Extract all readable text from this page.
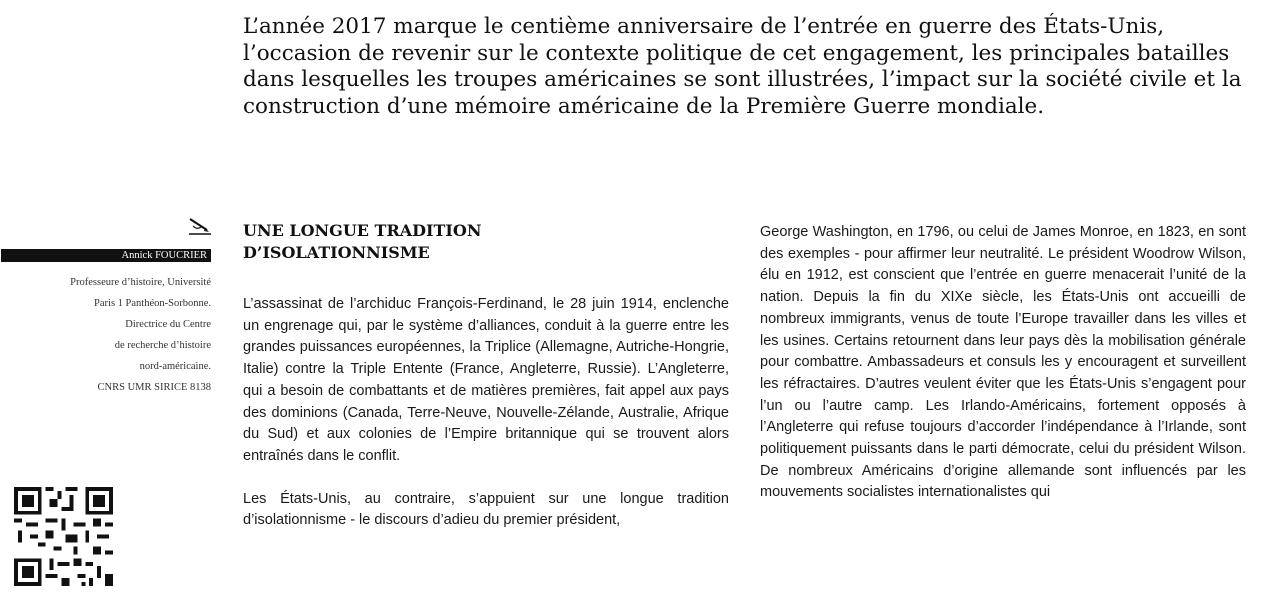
L’année 2017 marque le centième anniversaire de l’entrée en guerre des États-Unis, l’occasion de revenir sur le contexte politique de cet engagement, les principales batailles dans lesquelles les troupes américaines se sont illustrées, l’impact sur la société civile et la construction d’une mémoire américaine de la Première Guerre mondiale.

Annick FOUCRIER
Professeure d’histoire, Université
Paris 1 Panthéon-Sorbonne.
Directrice du Centre
de recherche d’histoire
nord-américaine.
CNRS UMR SIRICE 8138
UNE LONGUE TRADITION
D’ISOLATIONNISME

L’assassinat de l’archiduc François-Ferdinand, le 28 juin 1914, enclenche un engrenage qui, par le système d’alliances, conduit à la guerre entre les grandes puissances européennes, la Triplice (Allemagne, Autriche-Hongrie, Italie) contre la Triple Entente (France, Angleterre, Russie). L’Angleterre, qui a besoin de combattants et de matières premières, fait appel aux pays des dominions (Canada, Terre-Neuve, Nouvelle-Zélande, Australie, Afrique du Sud) et aux colonies de l’Empire britannique qui se trouvent alors entraînés dans le conflit.

Les États-Unis, au contraire, s’appuient sur une longue tradition d’isolationnisme - le discours d’adieu du premier président,

George Washington, en 1796, ou celui de James Monroe, en 1823, en sont des exemples - pour affirmer leur neutralité. Le président Woodrow Wilson, élu en 1912, est conscient que l’entrée en guerre menacerait l’unité de la nation. Depuis la fin du XIXe siècle, les États-Unis ont accueilli de nombreux immigrants, venus de toute l’Europe travailler dans les villes et les usines. Certains retournent dans leur pays dès la mobilisation générale pour combattre. Ambassadeurs et consuls les y encouragent et surveillent les réfractaires. D’autres veulent éviter que les États-Unis s’engagent pour l’un ou l’autre camp. Les Irlando-Américains, fortement opposés à l’Angleterre qui refuse toujours d’accorder l’indépendance à l’Irlande, sont politiquement puissants dans le parti démocrate, celui du président Wilson. De nombreux Américains d’origine allemande sont influencés par les mouvements socialistes internationalistes qui
